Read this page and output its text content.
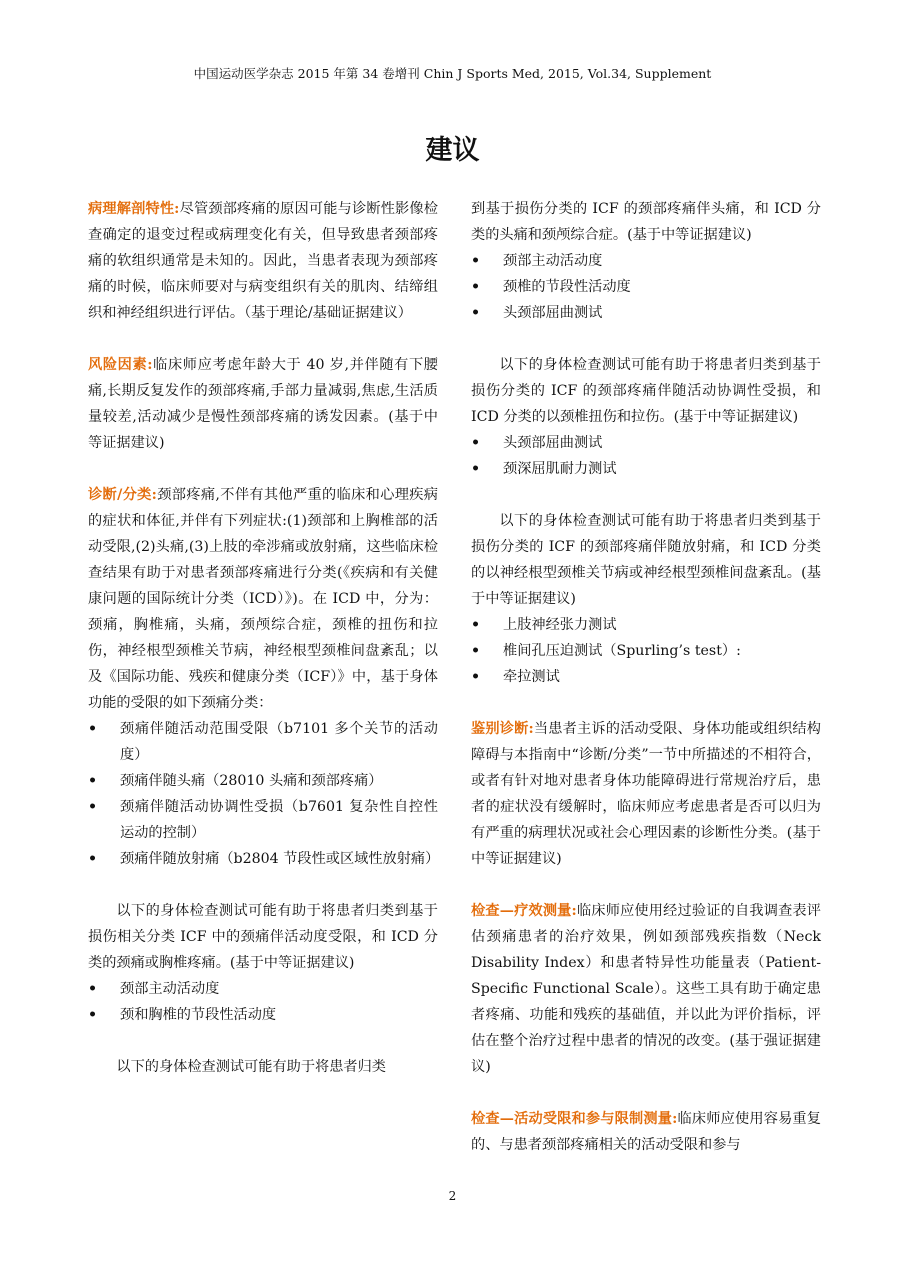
中国运动医学杂志 2015 年第 34 卷增刊 Chin J Sports Med, 2015, Vol.34, Supplement
建议

病理解剖特性:尽管颈部疼痛的原因可能与诊断性影像检查确定的退变过程或病理变化有关，但导致患者颈部疼痛的软组织通常是未知的。因此，当患者表现为颈部疼痛的时候，临床师要对与病变组织有关的肌肉、结缔组织和神经组织进行评估。（基于理论/基础证据建议）

风险因素:临床师应考虑年龄大于 40 岁,并伴随有下腰痛,长期反复发作的颈部疼痛,手部力量减弱,焦虑,生活质量较差,活动减少是慢性颈部疼痛的诱发因素。(基于中等证据建议)

诊断/分类:颈部疼痛,不伴有其他严重的临床和心理疾病的症状和体征,并伴有下列症状:(1)颈部和上胸椎部的活动受限,(2)头痛,(3)上肢的牵涉痛或放射痛，这些临床检查结果有助于对患者颈部疼痛进行分类(《疾病和有关健康问题的国际统计分类（ICD）》)。在 ICD 中，分为：颈痛，胸椎痛，头痛，颈颅综合症，颈椎的扭伤和拉伤，神经根型颈椎关节病，神经根型颈椎间盘紊乱；以及《国际功能、残疾和健康分类（ICF）》中，基于身体功能的受限的如下颈痛分类：

• 颈痛伴随活动范围受限（b7101 多个关节的活动度）
• 颈痛伴随头痛（28010 头痛和颈部疼痛）
• 颈痛伴随活动协调性受损（b7601 复杂性自控性运动的控制）
• 颈痛伴随放射痛（b2804 节段性或区域性放射痛）

以下的身体检查测试可能有助于将患者归类到基于损伤相关分类 ICF 中的颈痛伴活动度受限，和 ICD 分类的颈痛或胸椎疼痛。(基于中等证据建议)

• 颈部主动活动度
• 颈和胸椎的节段性活动度

以下的身体检查测试可能有助于将患者归类

到基于损伤分类的 ICF 的颈部疼痛伴头痛，和 ICD 分类的头痛和颈颅综合症。(基于中等证据建议)

• 颈部主动活动度
• 颈椎的节段性活动度
• 头颈部屈曲测试

以下的身体检查测试可能有助于将患者归类到基于损伤分类的 ICF 的颈部疼痛伴随活动协调性受损，和 ICD 分类的以颈椎扭伤和拉伤。(基于中等证据建议)

• 头颈部屈曲测试
• 颈深屈肌耐力测试

以下的身体检查测试可能有助于将患者归类到基于损伤分类的 ICF 的颈部疼痛伴随放射痛，和 ICD 分类的以神经根型颈椎关节病或神经根型颈椎间盘紊乱。(基于中等证据建议)

• 上肢神经张力测试
• 椎间孔压迫测试（Spurling’s test）:
• 牵拉测试

鉴别诊断:当患者主诉的活动受限、身体功能或组织结构障碍与本指南中“诊断/分类”一节中所描述的不相符合，或者有针对地对患者身体功能障碍进行常规治疗后，患者的症状没有缓解时，临床师应考虑患者是否可以归为有严重的病理状况或社会心理因素的诊断性分类。(基于中等证据建议)

检查—疗效测量:临床师应使用经过验证的自我调查表评估颈痛患者的治疗效果，例如颈部残疾指数（Neck Disability Index）和患者特异性功能量表（Patient-Specific Functional Scale）。这些工具有助于确定患者疼痛、功能和残疾的基础值，并以此为评价指标，评估在整个治疗过程中患者的情况的改变。(基于强证据建议)

检查—活动受限和参与限制测量:临床师应使用容易重复的、与患者颈部疼痛相关的活动受限和参与

2
